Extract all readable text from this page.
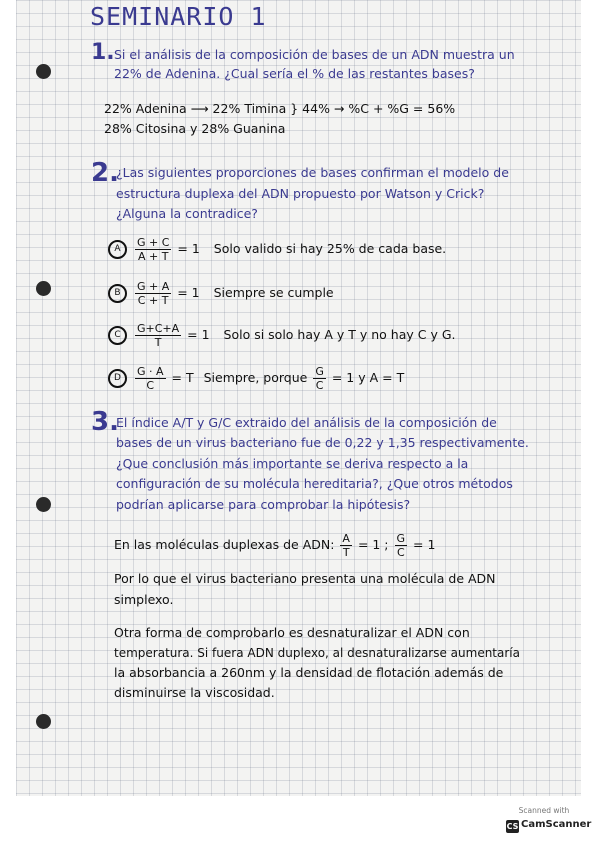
SEMINARIO 1
1. Si el análisis de la composición de bases de un ADN muestra un
22% de Adenina. ¿Cual sería el % de las restantes bases?
22% Adenina ⟶ 22% Timina } 44% → %C + %G = 56%
28% Citosina y 28% Guanina
2.
¿Las siguientes proporciones de bases confirman el modelo de
estructura duplexa del ADN propuesto por Watson y Crick?
¿Alguna la contradice?
A $\frac{G + C}{A + T} = 1$ Solo valido si hay 25% de cada base.
B $\frac{G + A}{C + T} = 1$ Siempre se cumple
C $\frac{G+C+A}{T} = 1$ Solo si solo hay A y T y no hay C y G.
D $\frac{G \cdot A}{C} = T$ Siempre, porque $\frac{G}{C} = 1$ y A = T
3.
El índice A/T y G/C extraido del análisis de la composición de
bases de un virus bacteriano fue de 0,22 y 1,35 respectivamente.
¿Que conclusión más importante se deriva respecto a la
configuración de su molécula hereditaria?, ¿Que otros métodos
podrían aplicarse para comprobar la hipótesis?
En las moléculas duplexas de ADN: $\frac{A}{T} = 1$ ; $\frac{G}{C} = 1$
Por lo que el virus bacteriano presenta una molécula de ADN
simplexo.
Otra forma de comprobarlo es desnaturalizar el ADN con
temperatura. Si fuera ADN duplexo, al desnaturalizarse aumentaría
la absorbancia a 260nm y la densidad de flotación además de
disminuirse la viscosidad.
Scanned with
CS CamScanner
